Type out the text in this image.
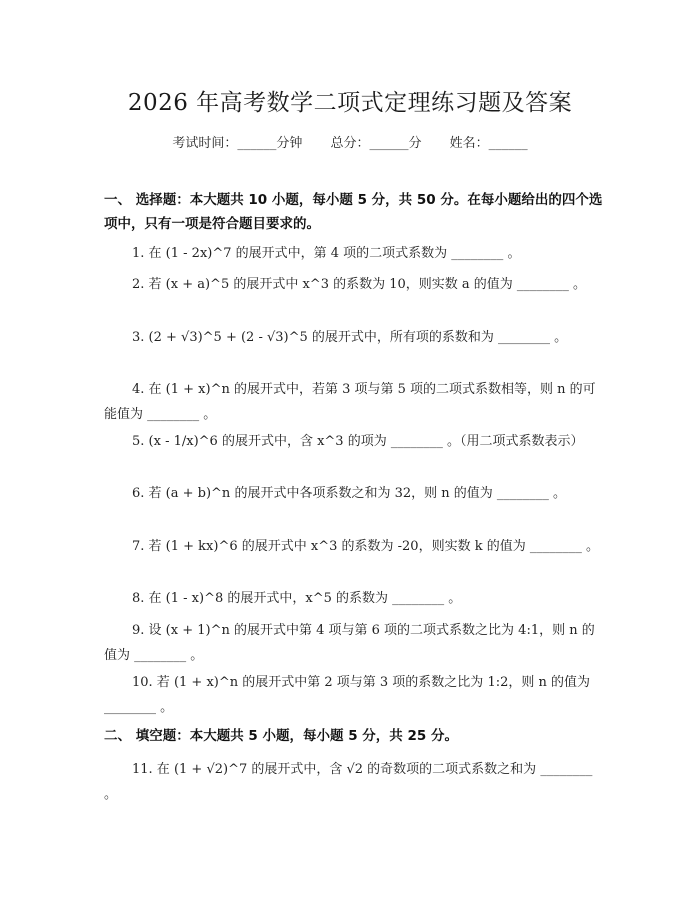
2026 年高考数学二项式定理练习题及答案
考试时间：______分钟 总分：______分 姓名：______
一、 选择题：本大题共 10 小题，每小题 5 分，共 50 分。在每小题给出的四个选项中，只有一项是符合题目要求的。
1. 在 (1 - 2x)^7 的展开式中，第 4 项的二项式系数为 ________ 。
2. 若 (x + a)^5 的展开式中 x^3 的系数为 10，则实数 a 的值为 ________ 。
3. (2 + √3)^5 + (2 - √3)^5 的展开式中，所有项的系数和为 ________ 。
4. 在 (1 + x)^n 的展开式中，若第 3 项与第 5 项的二项式系数相等，则 n 的可能值为 ________ 。
5. (x - 1/x)^6 的展开式中，含 x^3 的项为 ________ 。（用二项式系数表示）
6. 若 (a + b)^n 的展开式中各项系数之和为 32，则 n 的值为 ________ 。
7. 若 (1 + kx)^6 的展开式中 x^3 的系数为 -20，则实数 k 的值为 ________ 。
8. 在 (1 - x)^8 的展开式中，x^5 的系数为 ________ 。
9. 设 (x + 1)^n 的展开式中第 4 项与第 6 项的二项式系数之比为 4:1，则 n 的值为 ________ 。
10. 若 (1 + x)^n 的展开式中第 2 项与第 3 项的系数之比为 1:2，则 n 的值为 ________ 。
二、 填空题：本大题共 5 小题，每小题 5 分，共 25 分。
11. 在 (1 + √2)^7 的展开式中，含 √2 的奇数项的二项式系数之和为 ________ 。
